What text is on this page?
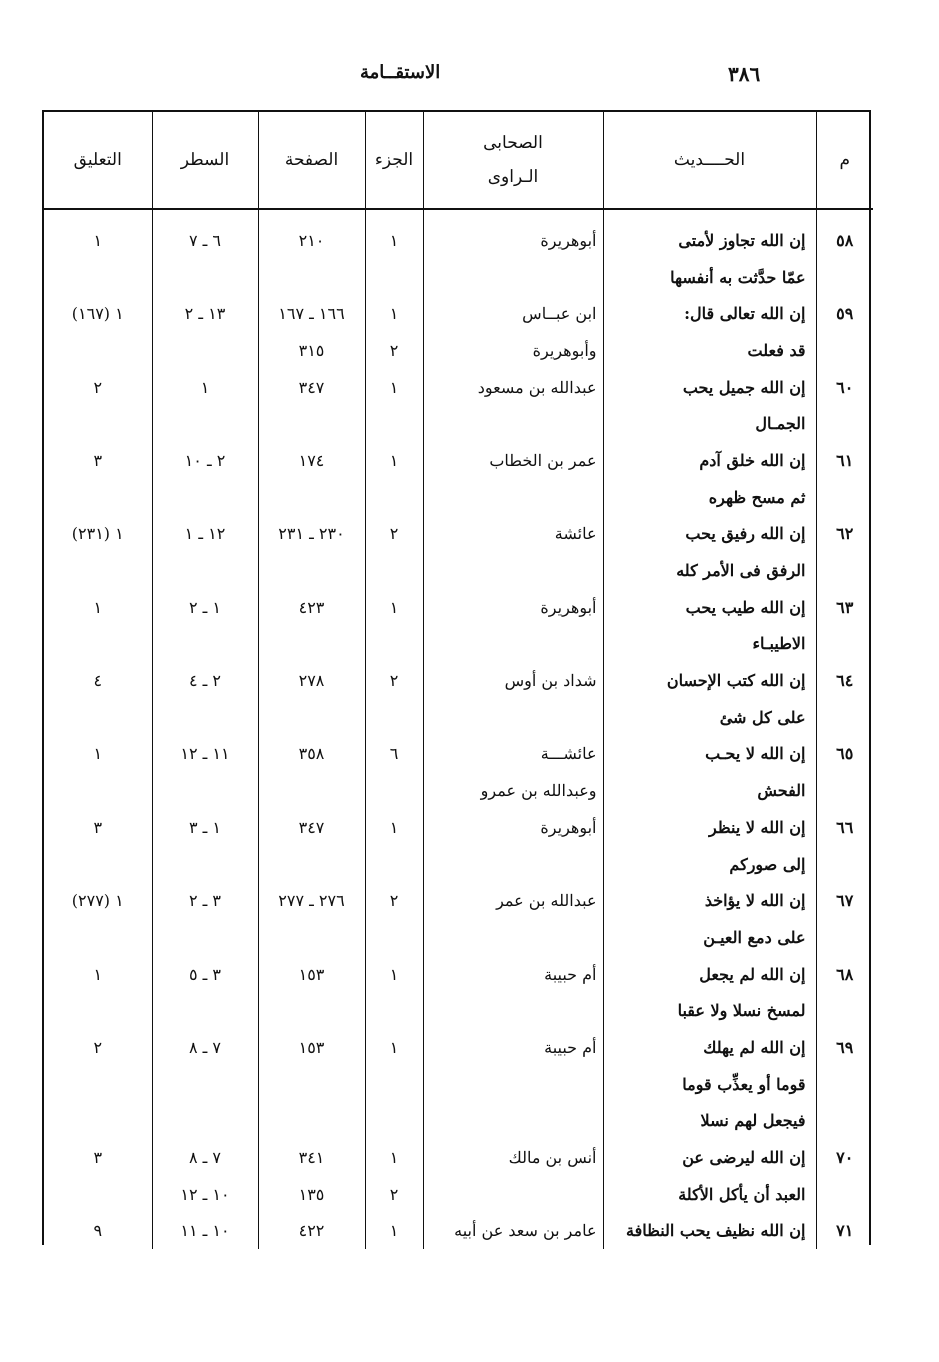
٣٨٦
الاستقــامة
م	الحــــديث	الصحابى الـراوى	الجزء	الصفحة	السطر	التعليق
٥٨	إن الله تجاوز لأمتى	أبوهريرة	١	٢١٠	٦ ـ ٧	١
	عمّا حدَّثت به أنفسها					
٥٩	إن الله تعالى قال:	ابن عبــاس	١	١٦٦ ـ ١٦٧	١٣ ـ ٢	١ (١٦٧)
	قد فعلت	وأبوهريرة	٢	٣١٥		
٦٠	إن الله جميل يحب	عبدالله بن مسعود	١	٣٤٧	١	٢
	الجمـال					
٦١	إن الله خلق آدم	عمر بن الخطاب	١	١٧٤	٢ ـ ١٠	٣
	ثم مسح ظهره					
٦٢	إن الله رفيق يحب	عائشة	٢	٢٣٠ ـ ٢٣١	١٢ ـ ١	١ (٢٣١)
	الرفق فى الأمر كله					
٦٣	إن الله طيب يحب	أبوهريرة	١	٤٢٣	١ ـ ٢	١
	الاطيبـاء					
٦٤	إن الله كتب الإحسان	شداد بن أوس	٢	٢٧٨	٢ ـ ٤	٤
	على كل شئ					
٦٥	إن الله لا يحـب	عائشـــة	٦	٣٥٨	١١ ـ ١٢	١
	الفحش	وعبدالله بن عمرو				
٦٦	إن الله لا ينظر	أبوهريرة	١	٣٤٧	١ ـ ٣	٣
	إلى صوركم					
٦٧	إن الله لا يؤاخذ	عبدالله بن عمر	٢	٢٧٦ ـ ٢٧٧	٣ ـ ٢	١ (٢٧٧)
	على دمع العيـن					
٦٨	إن الله لم يجعل	أم حبيبة	١	١٥٣	٣ ـ ٥	١
	لمسخ نسلا ولا عقبا					
٦٩	إن الله لم يهلك	أم حبيبة	١	١٥٣	٧ ـ ٨	٢
	قوما أو يعذِّب قوما					
	فيجعل لهم نسلا					
٧٠	إن الله ليرضى عن	أنس بن مالك	١	٣٤١	٧ ـ ٨	٣
	العبد أن يأكل الأكلة		٢	١٣٥	١٠ ـ ١٢	
٧١	إن الله نظيف يحب النظافة	عامر بن سعد عن أبيه	١	٤٢٢	١٠ ـ ١١	٩
